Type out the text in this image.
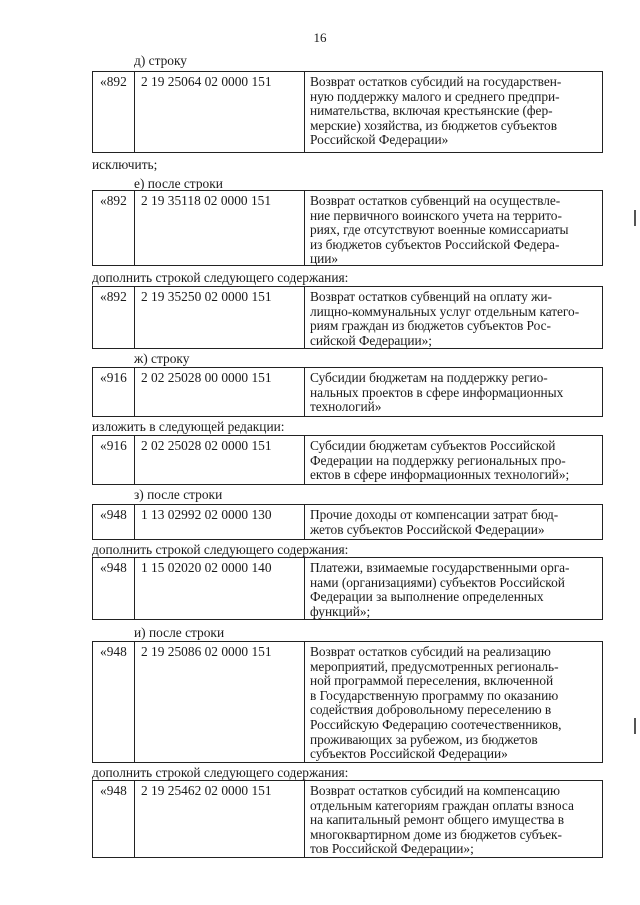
16
д) строку
«892	2 19 25064 02 0000 151	Возврат остатков субсидий на государствен-
ную поддержку малого и среднего предпри-
нимательства, включая крестьянские (фер-
мерские) хозяйства, из бюджетов субъектов
Российской Федерации»
исключить;
е) после строки
«892	2 19 35118 02 0000 151	Возврат остатков субвенций на осуществле-
ние первичного воинского учета на террито-
риях, где отсутствуют военные комиссариаты
из бюджетов субъектов Российской Федера-
ции»
дополнить строкой следующего содержания:
«892	2 19 35250 02 0000 151	Возврат остатков субвенций на оплату жи-
лищно-коммунальных услуг отдельным катего-
риям граждан из бюджетов субъектов Рос-
сийской Федерации»;
ж) строку
«916	2 02 25028 00 0000 151	Субсидии бюджетам на поддержку регио-
нальных проектов в сфере информационных
технологий»
изложить в следующей редакции:
«916	2 02 25028 02 0000 151	Субсидии бюджетам субъектов Российской
Федерации на поддержку региональных про-
ектов в сфере информационных технологий»;
з) после строки
«948	1 13 02992 02 0000 130	Прочие доходы от компенсации затрат бюд-
жетов субъектов Российской Федерации»
дополнить строкой следующего содержания:
«948	1 15 02020 02 0000 140	Платежи, взимаемые государственными орга-
нами (организациями) субъектов Российской
Федерации за выполнение определенных
функций»;
и) после строки
«948	2 19 25086 02 0000 151	Возврат остатков субсидий на реализацию
мероприятий, предусмотренных региональ-
ной программой переселения, включенной
в Государственную программу по оказанию
содействия добровольному переселению в
Российскую Федерацию соотечественников,
проживающих за рубежом, из бюджетов
субъектов Российской Федерации»
дополнить строкой следующего содержания:
«948	2 19 25462 02 0000 151	Возврат остатков субсидий на компенсацию
отдельным категориям граждан оплаты взноса
на капитальный ремонт общего имущества в
многоквартирном доме из бюджетов субъек-
тов Российской Федерации»;
